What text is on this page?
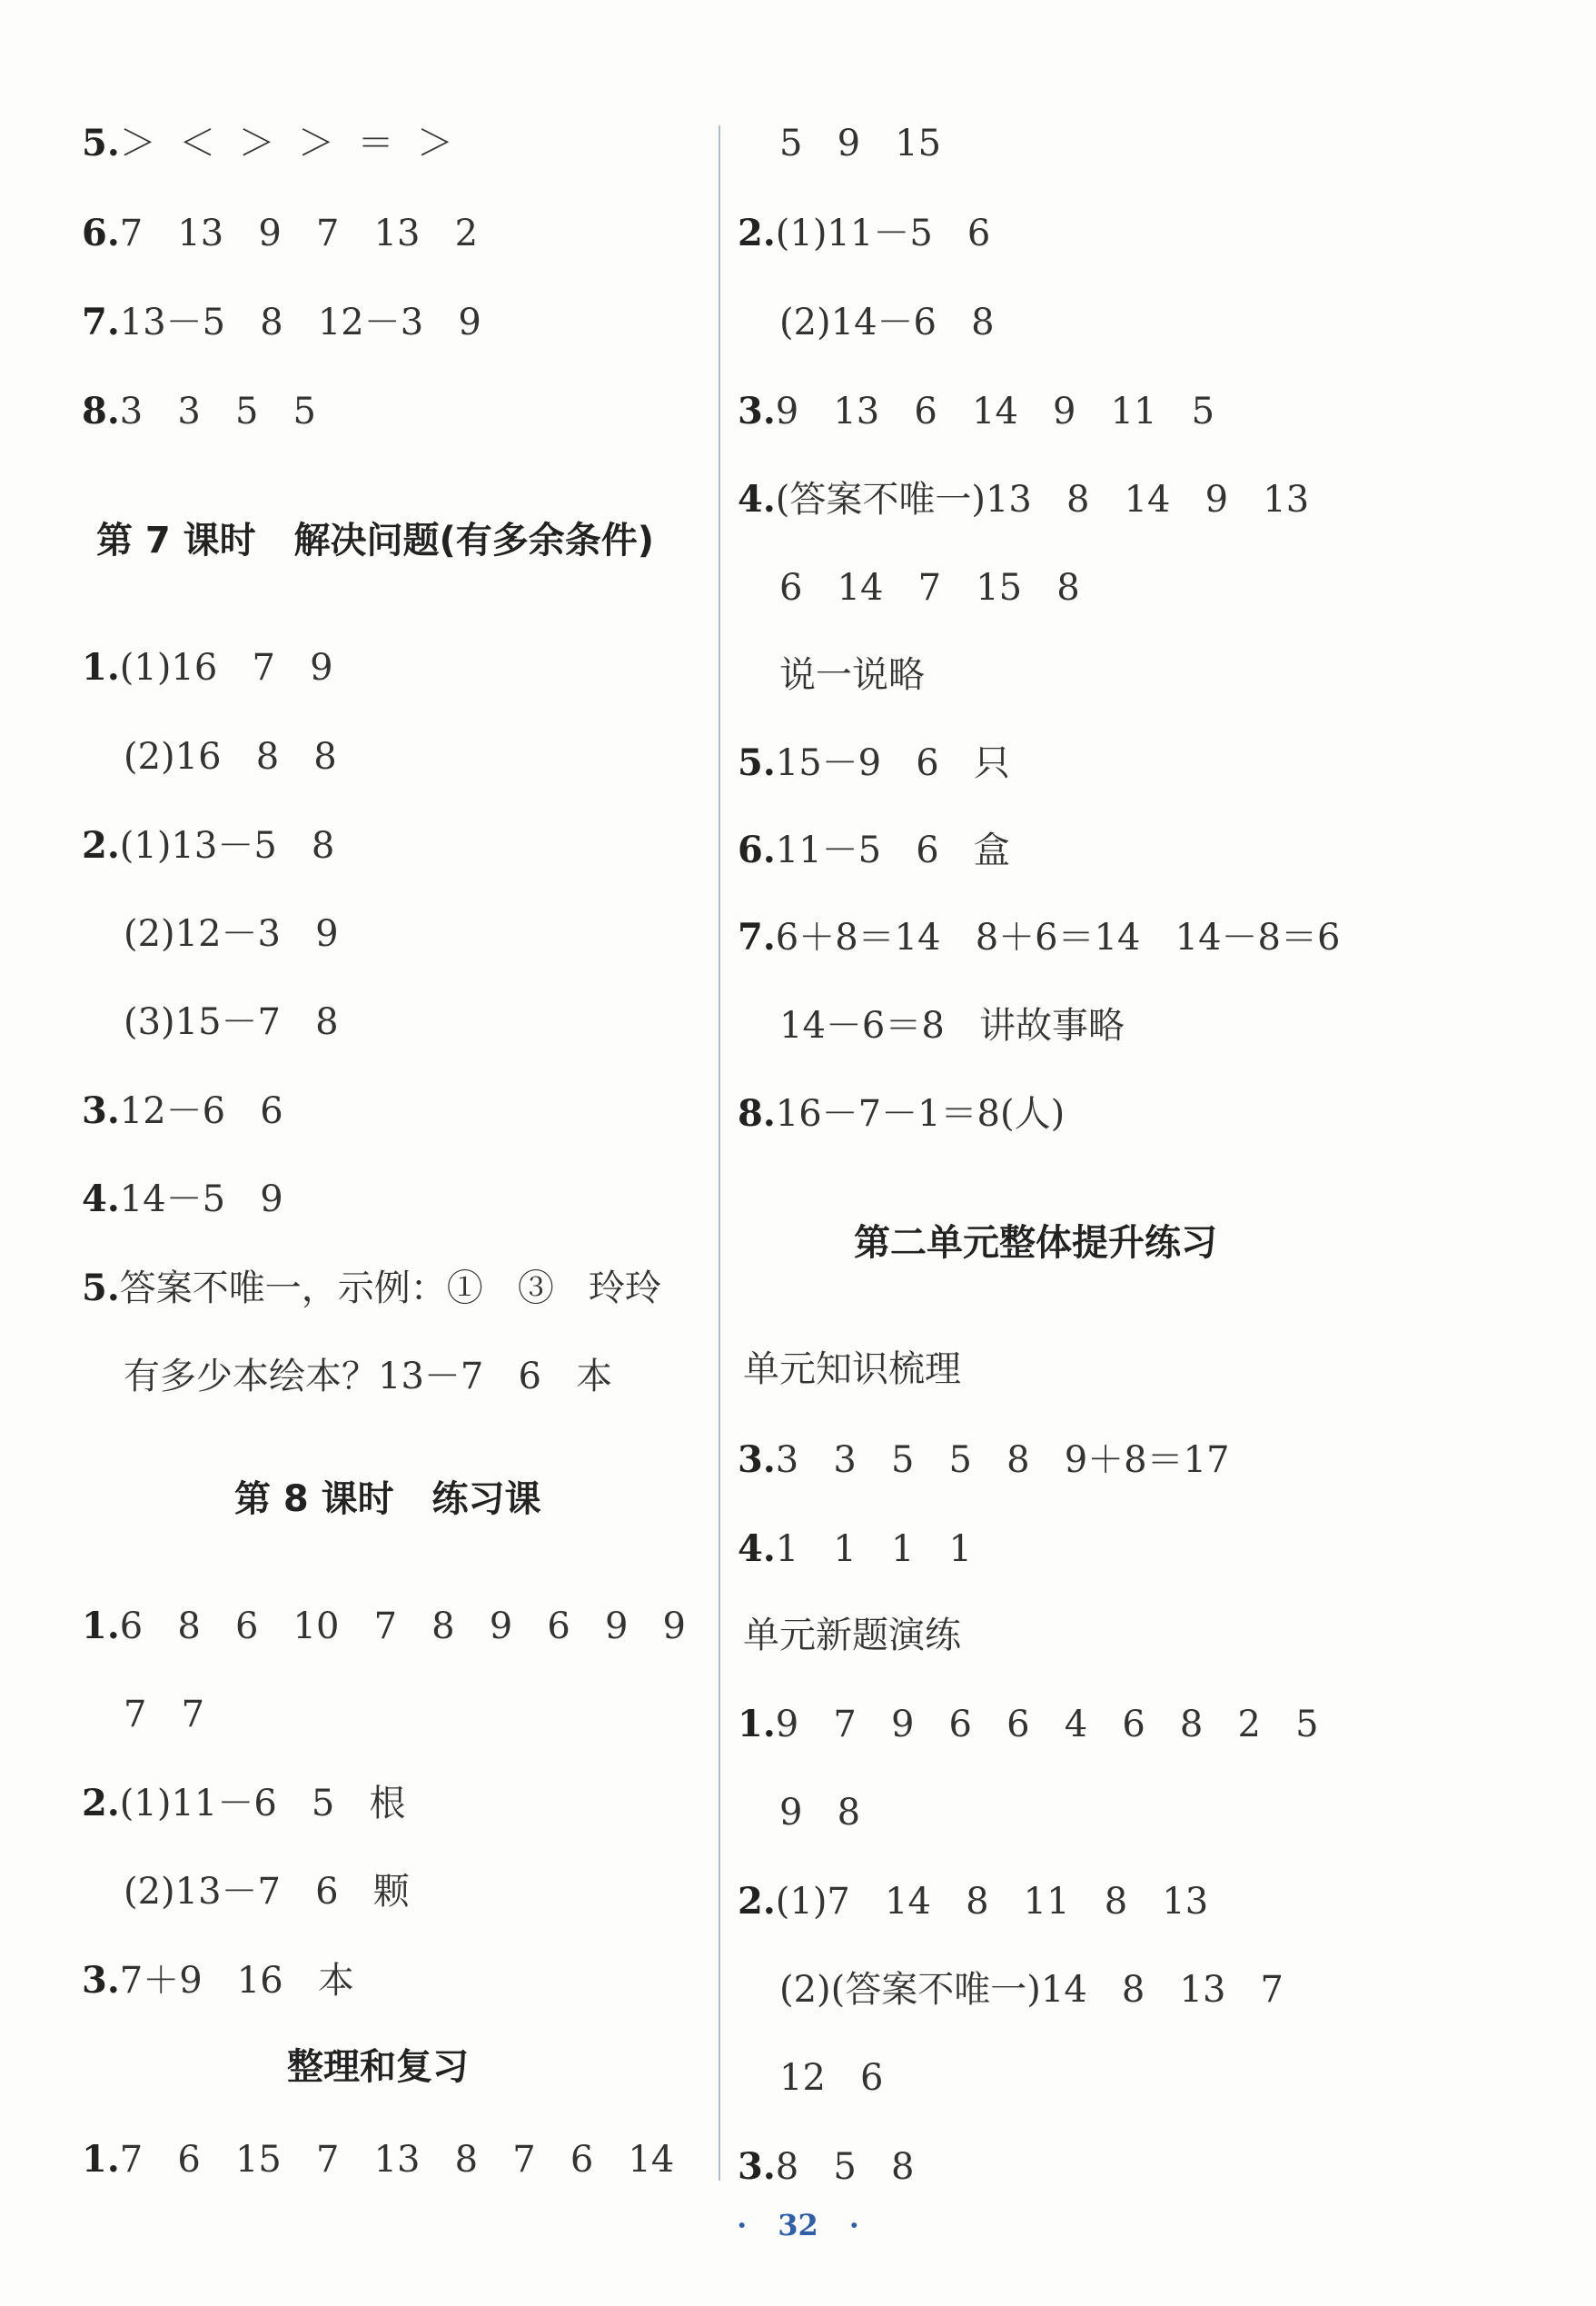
5.＞  ＜  ＞  ＞  ＝  ＞
6.7   13   9   7   13   2
7.13－5   8   12－3   9
8.3   3   5   5
第 7 课时   解决问题(有多余条件)
1.(1)16   7   9
(2)16   8   8
2.(1)13－5   8
(2)12－3   9
(3)15－7   8
3.12－6   6
4.14－5   9
5.答案不唯一，示例：①   ③   玲玲
有多少本绘本？13－7   6   本
第 8 课时   练习课
1.6   8   6   10   7   8   9   6   9   9
7   7
2.(1)11－6   5   根
(2)13－7   6   颗
3.7＋9   16   本
整理和复习
1.7   6   15   7   13   8   7   6   14
5   9   15
2.(1)11－5   6
(2)14－6   8
3.9   13   6   14   9   11   5
4.(答案不唯一)13   8   14   9   13
6   14   7   15   8
说一说略
5.15－9   6   只
6.11－5   6   盒
7.6＋8＝14   8＋6＝14   14－8＝6
14－6＝8   讲故事略
8.16－7－1＝8(人)
第二单元整体提升练习
单元知识梳理
3.3   3   5   5   8   9＋8＝17
4.1   1   1   1
单元新题演练
1.9   7   9   6   6   4   6   8   2   5
9   8
2.(1)7   14   8   11   8   13
(2)(答案不唯一)14   8   13   7
12   6
3.8   5   8
· 32 ·
